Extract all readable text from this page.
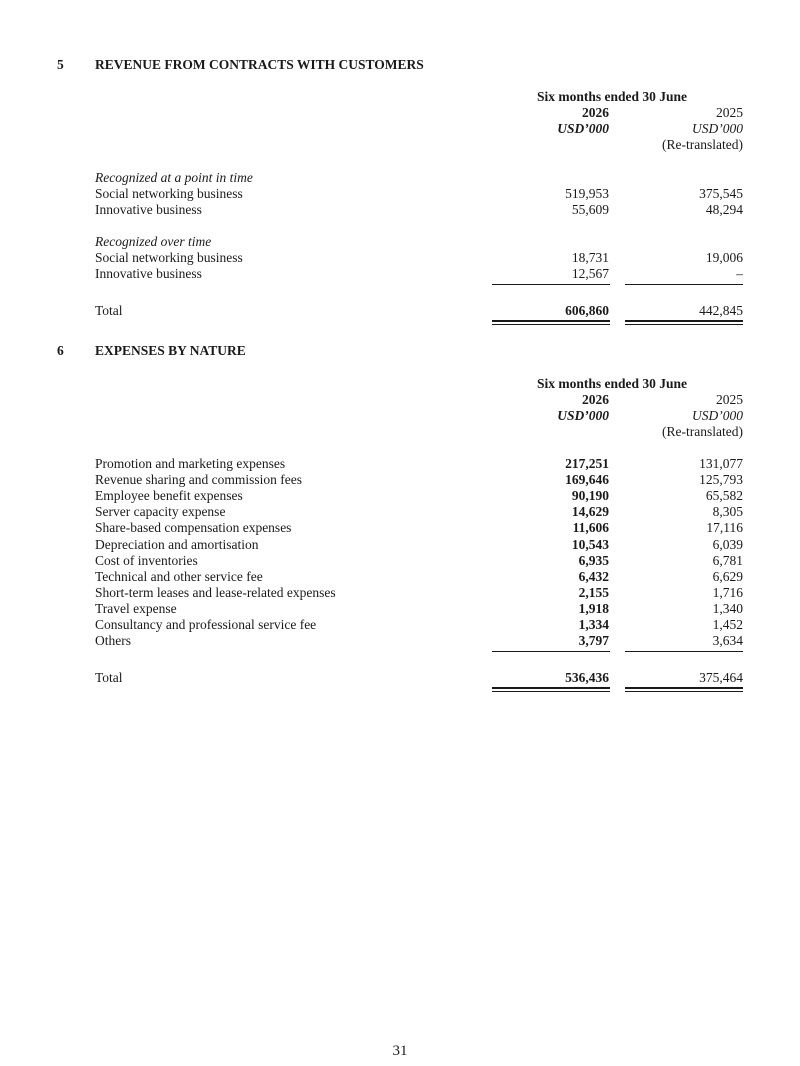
5 REVENUE FROM CONTRACTS WITH CUSTOMERS
Six months ended 30 June
2026	2025
USD’000	USD’000
(Re-translated)
Recognized at a point in time
Social networking business	519,953	375,545
Innovative business	55,609	48,294
Recognized over time
Social networking business	18,731	19,006
Innovative business	12,567	–
Total	606,860	442,845
6 EXPENSES BY NATURE
Six months ended 30 June
2026	2025
USD’000	USD’000
(Re-translated)
Promotion and marketing expenses	217,251	131,077
Revenue sharing and commission fees	169,646	125,793
Employee benefit expenses	90,190	65,582
Server capacity expense	14,629	8,305
Share-based compensation expenses	11,606	17,116
Depreciation and amortisation	10,543	6,039
Cost of inventories	6,935	6,781
Technical and other service fee	6,432	6,629
Short-term leases and lease-related expenses	2,155	1,716
Travel expense	1,918	1,340
Consultancy and professional service fee	1,334	1,452
Others	3,797	3,634
Total	536,436	375,464
31
